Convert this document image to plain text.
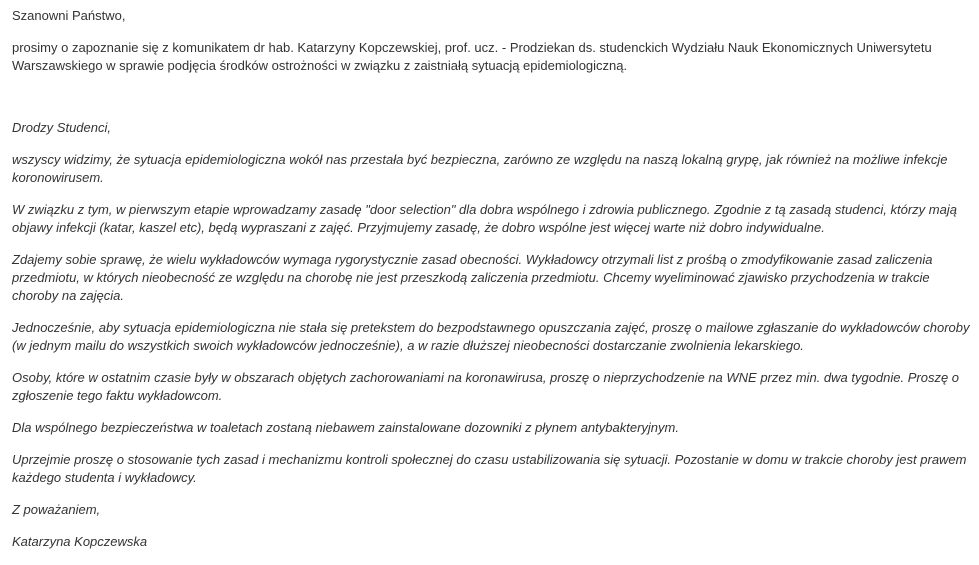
Szanowni Państwo,

prosimy o zapoznanie się z komunikatem dr hab. Katarzyny Kopczewskiej, prof. ucz. - Prodziekan ds. studenckich Wydziału Nauk Ekonomicznych Uniwersytetu Warszawskiego w sprawie podjęcia środków ostrożności w związku z zaistniałą sytuacją epidemiologiczną.

Drodzy Studenci,

wszyscy widzimy, że sytuacja epidemiologiczna wokół nas przestała być bezpieczna, zarówno ze względu na naszą lokalną grypę, jak również na możliwe infekcje koronowirusem.

W związku z tym, w pierwszym etapie wprowadzamy zasadę "door selection" dla dobra wspólnego i zdrowia publicznego. Zgodnie z tą zasadą studenci, którzy mają objawy infekcji (katar, kaszel etc), będą wypraszani z zajęć. Przyjmujemy zasadę, że dobro wspólne jest więcej warte niż dobro indywidualne.

Zdajemy sobie sprawę, że wielu wykładowców wymaga rygorystycznie zasad obecności. Wykładowcy otrzymali list z prośbą o zmodyfikowanie zasad zaliczenia przedmiotu, w których nieobecność ze względu na chorobę nie jest przeszkodą zaliczenia przedmiotu. Chcemy wyeliminować zjawisko przychodzenia w trakcie choroby na zajęcia.

Jednocześnie, aby sytuacja epidemiologiczna nie stała się pretekstem do bezpodstawnego opuszczania zajęć, proszę o mailowe zgłaszanie do wykładowców choroby (w jednym mailu do wszystkich swoich wykładowców jednocześnie), a w razie dłuższej nieobecności dostarczanie zwolnienia lekarskiego.

Osoby, które w ostatnim czasie były w obszarach objętych zachorowaniami na koronawirusa, proszę o nieprzychodzenie na WNE przez min. dwa tygodnie. Proszę o zgłoszenie tego faktu wykładowcom.

Dla wspólnego bezpieczeństwa w toaletach zostaną niebawem zainstalowane dozowniki z płynem antybakteryjnym.

Uprzejmie proszę o stosowanie tych zasad i mechanizmu kontroli społecznej do czasu ustabilizowania się sytuacji. Pozostanie w domu w trakcie choroby jest prawem każdego studenta i wykładowcy.

Z poważaniem,

Katarzyna Kopczewska
